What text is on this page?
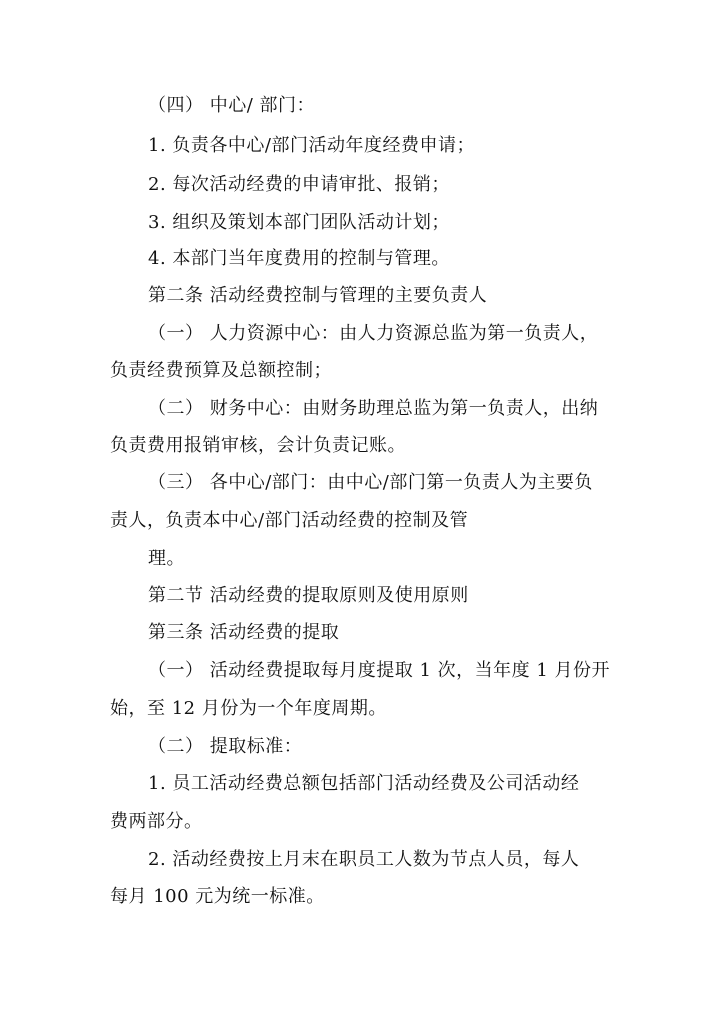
（四） 中心/ 部门：

1. 负责各中心/部门活动年度经费申请；

2. 每次活动经费的申请审批、报销；

3. 组织及策划本部门团队活动计划；

4. 本部门当年度费用的控制与管理。

第二条 活动经费控制与管理的主要负责人

（一） 人力资源中心：由人力资源总监为第一负责人，

负责经费预算及总额控制；

（二） 财务中心：由财务助理总监为第一负责人，出纳

负责费用报销审核，会计负责记账。

（三） 各中心/部门：由中心/部门第一负责人为主要负

责人，负责本中心/部门活动经费的控制及管

理。

第二节 活动经费的提取原则及使用原则

第三条 活动经费的提取

（一） 活动经费提取每月度提取 1 次，当年度 1 月份开

始，至 12 月份为一个年度周期。

（二） 提取标准：

1. 员工活动经费总额包括部门活动经费及公司活动经

费两部分。

2. 活动经费按上月末在职员工人数为节点人员，每人

每月 100 元为统一标准。
